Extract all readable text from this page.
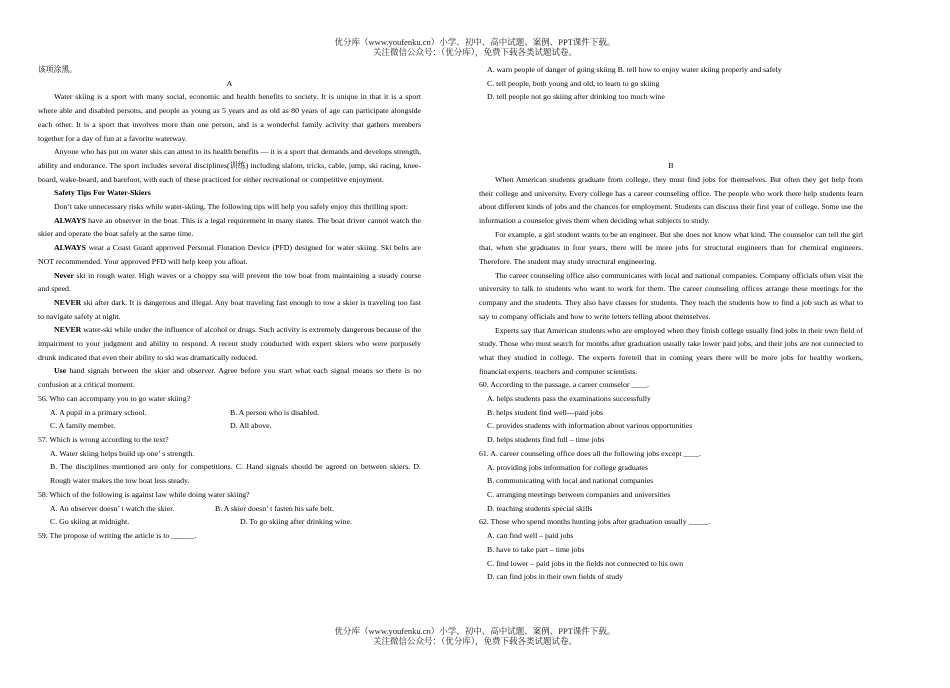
优分库（www.youfenku.cn）小学、初中、高中试题、案例、PPT课件下载。
关注微信公众号：（优分库），免费下载各类试题试卷。

该项涂黑。

A

Water skiing is a sport with many social, economic and health benefits to society. It is unique in that it is a sport where able and disabled persons, and people as young as 5 years and as old as 80 years of age can participate alongside each other. It is a sport that involves more than one person, and is a wonderful family activity that gathers members together for a day of fun at a favorite waterway.

Anyone who has put on water skis can attest to its health benefits — it is a sport that demands and develops strength, ability and endurance. The sport includes several disciplines(训练) including slalom, tricks, cable, jump, ski racing, knee-board, wake-board, and barefoot, with each of these practiced for either recreational or competitive enjoyment.

Safety Tips For Water-Skiers

Don’t take unnecessary risks while water-skiing. The following tips will help you safely enjoy this thrilling sport:

ALWAYS have an observer in the boat. This is a legal requirement in many states. The boat driver cannot watch the skier and operate the boat safely at the same time.

ALWAYS wear a Coast Guard approved Personal Flotation Device (PFD) designed for water skiing. Ski belts are NOT recommended. Your approved PFD will help keep you afloat.

Never ski in rough water. High waves or a choppy sea will prevent the tow boat from maintaining a steady course and speed.

NEVER ski after dark. It is dangerous and illegal. Any boat traveling fast enough to tow a skier is traveling too fast to navigate safely at night.

NEVER water-ski while under the influence of alcohol or drugs. Such activity is extremely dangerous because of the impairment to your judgment and ability to respond. A recent study conducted with expert skiers who were purposely drunk indicated that even their ability to ski was dramatically reduced.

Use hand signals between the skier and observer. Agree before you start what each signal means so there is no confusion at a critical moment.

56. Who can accompany you to go water skiing?

A. A pupil in a primary school.	B. A person who is disabled.
C. A family member.	D. All above.

57. Which is wrong according to the text?

A. Water skiing helps build up one’ s strength.

B. The disciplines mentioned are only for competitions. C. Hand signals should be agreed on between skiers. D. Rough water makes the tow boat less steady.

58. Which of the following is against law while doing water skiing?

A. An observer doesn’ t watch the skier.	B. A skier doesn’ t fasten his safe belt.
C. Go skiing at midnight.	D. To go skiing after drinking wine.

59. The propose of writing the article is to ______.

A. warn people of danger of going skiing B. tell how to enjoy water skiing properly and safely

C. tell people, both young and old, to learn to go skiing

D. tell people not go skiing after drinking too much wine

B

When American students graduate from college, they must find jobs for themselves. But often they get help from their college and university, Every college has a career counseling office. The people who work there help students learn about different kinds of jobs and the chances for employment. Students can discuss their first year of college. Some use the information a counselor gives them when deciding what subjects to study.

For example, a girl student wants to be an engineer. But she does not know what kind. The counselor can tell the girl that, when she graduates in four years, there will be more jobs for structural engineers than for chemical engineers. Therefore. The student may study structural engineering.

The career counseling office also communicates with local and national companies. Company officials often visit the university to talk to students who want to work for them. The career counseling offices arrange these meetings for the company and the students. They also have classes for students. They teach the students how to find a job such as what to say to company officials and how to write letters telling about themselves.

Experts say that American students who are employed when they finish college usually find jobs in their own field of study. Those who must search for months after graduation usually take lower paid jobs, and their jobs are not connected to what they studied in college. The experts foretell that in coming years there will be more jobs for healthy workers, financial experts. teachers and computer scientists.

60. According to the passage, a career counselor ____.

A. helps students pass the examinations successfully

B. helps student find well---paid jobs

C. provides students with information about various opportunities

D. helps students find full – time jobs

61. A. career counseling office does all the following jobs except ____.

A. providing jobs information for college graduates

B. communicating with local and national companies

C. arranging meetings between companies and universities

D. teaching students special skills

62. Those who spend months hunting jobs after graduation usually _____.

A. can find well – paid jobs

B. have to take part – time jobs

C. find lower – paid jobs in the fields not connected to his own

D. can find jobs in their own fields of study

优分库（www.youfenku.cn）小学、初中、高中试题、案例、PPT课件下载。
关注微信公众号：（优分库），免费下载各类试题试卷。
